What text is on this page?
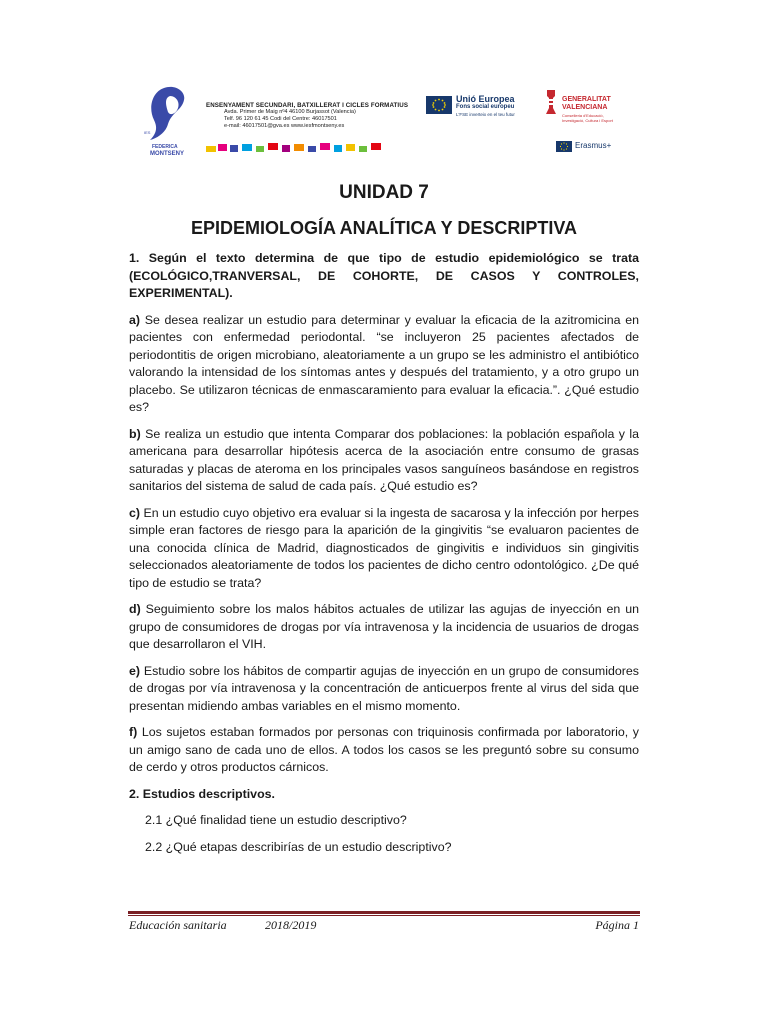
FEDERICA
MONTSENY
IES
ENSENYAMENT SECUNDARI, BATXILLERAT I CICLES FORMATIUS
Avda. Primer de Maig nº4 46100 Burjassot (Valencia)
Telf. 96 120 61 45 Codi del Centre: 46017501
e-mail: 46017501@gva.es www.iesfmontseny.es
Unió Europea
Fons social europeu
L'FSE inverteix en el teu futur
GENERALITAT
VALENCIANA
Conselleria d'Educació,
Investigació, Cultura i Esport
Erasmus+
UNIDAD 7
EPIDEMIOLOGÍA ANALÍTICA Y DESCRIPTIVA

1. Según el texto determina de que tipo de estudio epidemiológico se trata (ECOLÓGICO,TRANVERSAL, DE COHORTE, DE CASOS Y CONTROLES, EXPERIMENTAL).

a) Se desea realizar un estudio para determinar y evaluar la eficacia de la azitromicina en pacientes con enfermedad periodontal. “se incluyeron 25 pacientes afectados de periodontitis de origen microbiano, aleatoriamente a un grupo se les administro el antibiótico valorando la intensidad de los síntomas antes y después del tratamiento, y a otro grupo un placebo. Se utilizaron técnicas de enmascaramiento para evaluar la eficacia.”. ¿Qué estudio es?

b) Se realiza un estudio que intenta Comparar dos poblaciones: la población española y la americana para desarrollar hipótesis acerca de la asociación entre consumo de grasas saturadas y placas de ateroma en los principales vasos sanguíneos basándose en registros sanitarios del sistema de salud de cada país. ¿Qué estudio es?

c) En un estudio cuyo objetivo era evaluar si la ingesta de sacarosa y la infección por herpes simple eran factores de riesgo para la aparición de la gingivitis “se evaluaron pacientes de una conocida clínica de Madrid, diagnosticados de gingivitis e individuos sin gingivitis seleccionados aleatoriamente de todos los pacientes de dicho centro odontológico. ¿De qué tipo de estudio se trata?

d) Seguimiento sobre los malos hábitos actuales de utilizar las agujas de inyección en un grupo de consumidores de drogas por vía intravenosa y la incidencia de usuarios de drogas que desarrollaron el VIH.

e) Estudio sobre los hábitos de compartir agujas de inyección en un grupo de consumidores de drogas por vía intravenosa y la concentración de anticuerpos frente al virus del sida que presentan midiendo ambas variables en el mismo momento.

f) Los sujetos estaban formados por personas con triquinosis confirmada por laboratorio, y un amigo sano de cada uno de ellos. A todos los casos se les preguntó sobre su consumo de cerdo y otros productos cárnicos.

2. Estudios descriptivos.
2.1 ¿Qué finalidad tiene un estudio descriptivo?
2.2 ¿Qué etapas describirías de un estudio descriptivo?
Educación sanitaria	2018/2019	Página 1
